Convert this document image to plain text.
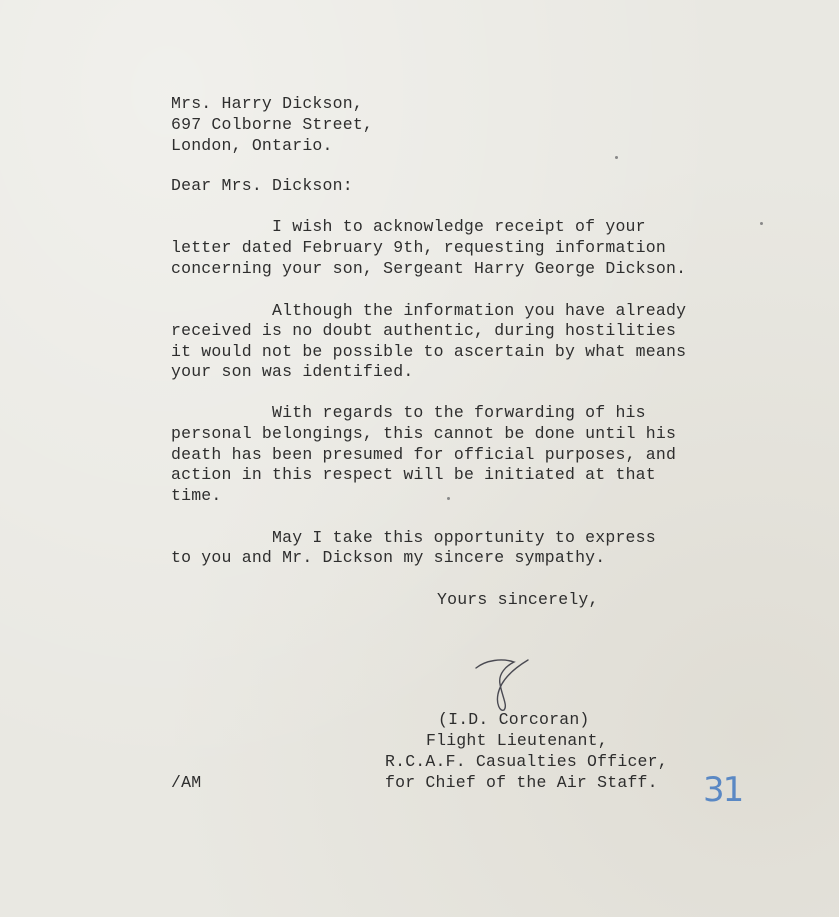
Mrs. Harry Dickson,
697 Colborne Street,
London, Ontario.
Dear Mrs. Dickson:
I wish to acknowledge receipt of your
letter dated February 9th, requesting information
concerning your son, Sergeant Harry George Dickson.
Although the information you have already
received is no doubt authentic, during hostilities
it would not be possible to ascertain by what means
your son was identified.
With regards to the forwarding of his
personal belongings, this cannot be done until his
death has been presumed for official purposes, and
action in this respect will be initiated at that
time.
May I take this opportunity to express
to you and Mr. Dickson my sincere sympathy.
Yours sincerely,
(I.D. Corcoran)
Flight Lieutenant,
R.C.A.F. Casualties Officer,
for Chief of the Air Staff.
/AM	31
